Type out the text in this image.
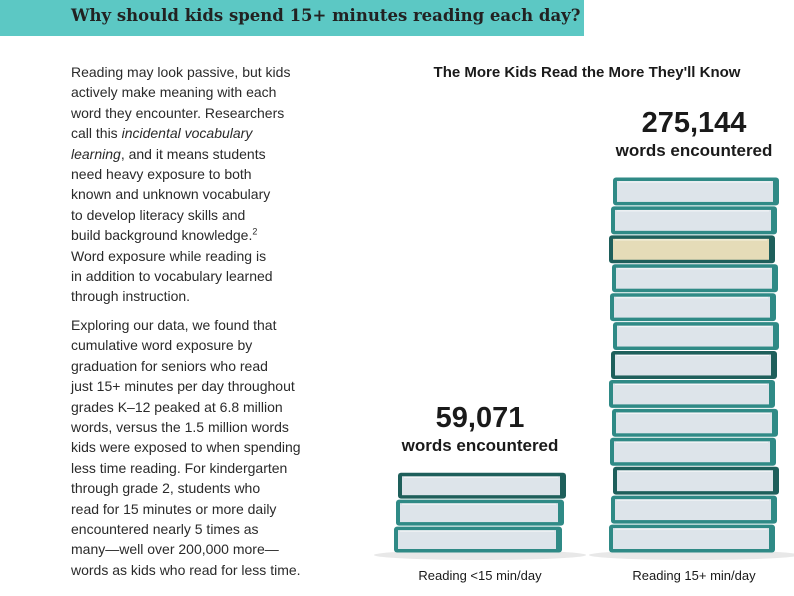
Why should kids spend 15+ minutes reading each day?

Reading may look passive, but kids
actively make meaning with each
word they encounter. Researchers
call this incidental vocabulary
learning, and it means students
need heavy exposure to both
known and unknown vocabulary
to develop literacy skills and
build background knowledge.$^2$
Word exposure while reading is
in addition to vocabulary learned
through instruction.

Exploring our data, we found that
cumulative word exposure by
graduation for seniors who read
just 15+ minutes per day throughout
grades K–12 peaked at 6.8 million
words, versus the 1.5 million words
kids were exposed to when spending
less time reading. For kindergarten
through grade 2, students who
read for 15 minutes or more daily
encountered nearly 5 times as
many—well over 200,000 more—
words as kids who read for less time.

The More Kids Read the More They'll Know
59,071
words encountered
275,144
words encountered
Reading <15 min/day	Reading 15+ min/day
